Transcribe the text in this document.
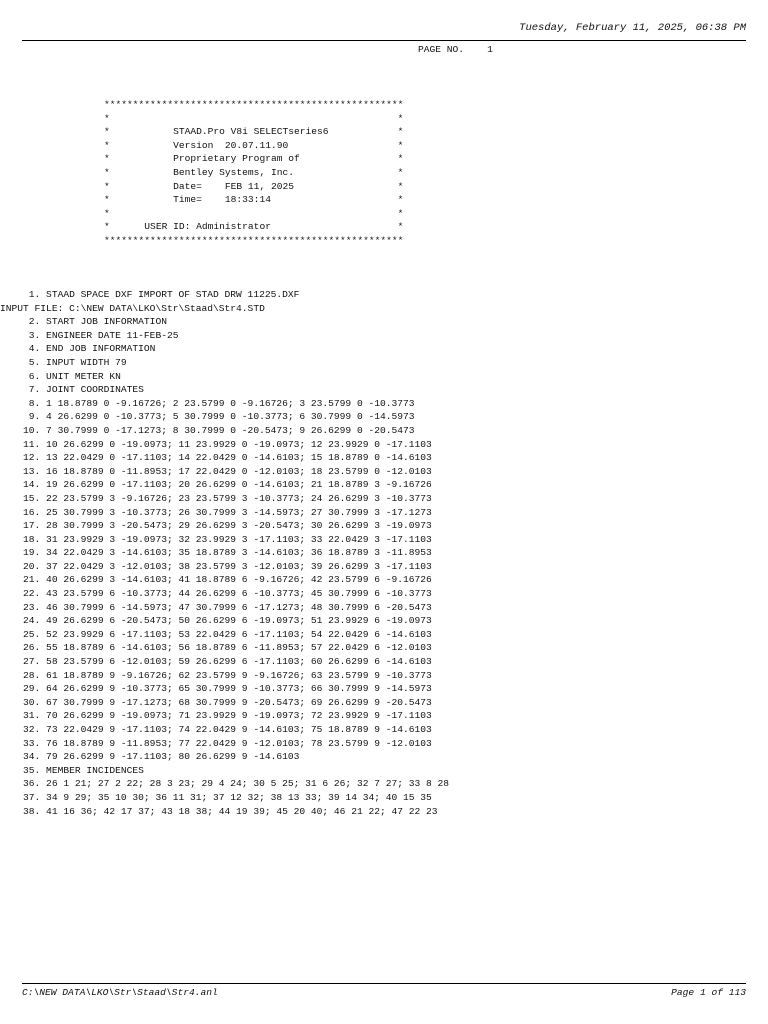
Tuesday, February 11, 2025, 06:38 PM
PAGE NO.    1
****************************************************
*                                                  *
*           STAAD.Pro V8i SELECTseries6            *
*           Version  20.07.11.90                   *
*           Proprietary Program of                 *
*           Bentley Systems, Inc.                  *
*           Date=    FEB 11, 2025                  *
*           Time=    18:33:14                      *
*                                                  *
*      USER ID: Administrator                      *
****************************************************
1. STAAD SPACE DXF IMPORT OF STAD DRW 11225.DXF
INPUT FILE: C:\NEW DATA\LKO\Str\Staad\Str4.STD
2. START JOB INFORMATION
3. ENGINEER DATE 11-FEB-25
4. END JOB INFORMATION
5. INPUT WIDTH 79
6. UNIT METER KN
7. JOINT COORDINATES
8. 1 18.8789 0 -9.16726; 2 23.5799 0 -9.16726; 3 23.5799 0 -10.3773
9. 4 26.6299 0 -10.3773; 5 30.7999 0 -10.3773; 6 30.7999 0 -14.5973
10. 7 30.7999 0 -17.1273; 8 30.7999 0 -20.5473; 9 26.6299 0 -20.5473
11. 10 26.6299 0 -19.0973; 11 23.9929 0 -19.0973; 12 23.9929 0 -17.1103
12. 13 22.0429 0 -17.1103; 14 22.0429 0 -14.6103; 15 18.8789 0 -14.6103
13. 16 18.8789 0 -11.8953; 17 22.0429 0 -12.0103; 18 23.5799 0 -12.0103
14. 19 26.6299 0 -17.1103; 20 26.6299 0 -14.6103; 21 18.8789 3 -9.16726
15. 22 23.5799 3 -9.16726; 23 23.5799 3 -10.3773; 24 26.6299 3 -10.3773
16. 25 30.7999 3 -10.3773; 26 30.7999 3 -14.5973; 27 30.7999 3 -17.1273
17. 28 30.7999 3 -20.5473; 29 26.6299 3 -20.5473; 30 26.6299 3 -19.0973
18. 31 23.9929 3 -19.0973; 32 23.9929 3 -17.1103; 33 22.0429 3 -17.1103
19. 34 22.0429 3 -14.6103; 35 18.8789 3 -14.6103; 36 18.8789 3 -11.8953
20. 37 22.0429 3 -12.0103; 38 23.5799 3 -12.0103; 39 26.6299 3 -17.1103
21. 40 26.6299 3 -14.6103; 41 18.8789 6 -9.16726; 42 23.5799 6 -9.16726
22. 43 23.5799 6 -10.3773; 44 26.6299 6 -10.3773; 45 30.7999 6 -10.3773
23. 46 30.7999 6 -14.5973; 47 30.7999 6 -17.1273; 48 30.7999 6 -20.5473
24. 49 26.6299 6 -20.5473; 50 26.6299 6 -19.0973; 51 23.9929 6 -19.0973
25. 52 23.9929 6 -17.1103; 53 22.0429 6 -17.1103; 54 22.0429 6 -14.6103
26. 55 18.8789 6 -14.6103; 56 18.8789 6 -11.8953; 57 22.0429 6 -12.0103
27. 58 23.5799 6 -12.0103; 59 26.6299 6 -17.1103; 60 26.6299 6 -14.6103
28. 61 18.8789 9 -9.16726; 62 23.5799 9 -9.16726; 63 23.5799 9 -10.3773
29. 64 26.6299 9 -10.3773; 65 30.7999 9 -10.3773; 66 30.7999 9 -14.5973
30. 67 30.7999 9 -17.1273; 68 30.7999 9 -20.5473; 69 26.6299 9 -20.5473
31. 70 26.6299 9 -19.0973; 71 23.9929 9 -19.0973; 72 23.9929 9 -17.1103
32. 73 22.0429 9 -17.1103; 74 22.0429 9 -14.6103; 75 18.8789 9 -14.6103
33. 76 18.8789 9 -11.8953; 77 22.0429 9 -12.0103; 78 23.5799 9 -12.0103
34. 79 26.6299 9 -17.1103; 80 26.6299 9 -14.6103
35. MEMBER INCIDENCES
36. 26 1 21; 27 2 22; 28 3 23; 29 4 24; 30 5 25; 31 6 26; 32 7 27; 33 8 28
37. 34 9 29; 35 10 30; 36 11 31; 37 12 32; 38 13 33; 39 14 34; 40 15 35
38. 41 16 36; 42 17 37; 43 18 38; 44 19 39; 45 20 40; 46 21 22; 47 22 23
C:\NEW DATA\LKO\Str\Staad\Str4.anl	Page 1 of 113
